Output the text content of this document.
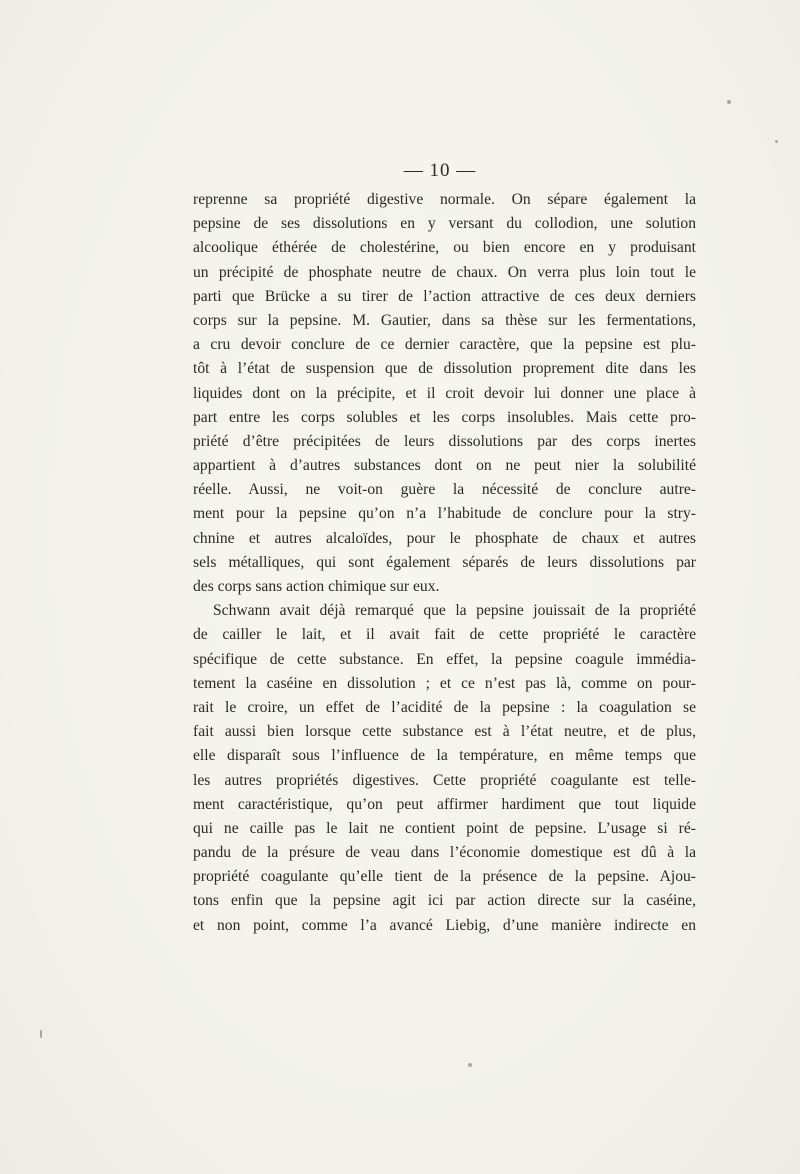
— 10 —
reprenne sa propriété digestive normale. On sépare également la
pepsine de ses dissolutions en y versant du collodion, une solution
alcoolique éthérée de cholestérine, ou bien encore en y produisant
un précipité de phosphate neutre de chaux. On verra plus loin tout le
parti que Brücke a su tirer de l’action attractive de ces deux derniers
corps sur la pepsine. M. Gautier, dans sa thèse sur les fermentations,
a cru devoir conclure de ce dernier caractère, que la pepsine est plu-
tôt à l’état de suspension que de dissolution proprement dite dans les
liquides dont on la précipite, et il croit devoir lui donner une place à
part entre les corps solubles et les corps insolubles. Mais cette pro-
priété d’être précipitées de leurs dissolutions par des corps inertes
appartient à d’autres substances dont on ne peut nier la solubilité
réelle. Aussi, ne voit-on guère la nécessité de conclure autre-
ment pour la pepsine qu’on n’a l’habitude de conclure pour la stry-
chnine et autres alcaloïdes, pour le phosphate de chaux et autres
sels métalliques, qui sont également séparés de leurs dissolutions par
des corps sans action chimique sur eux.
Schwann avait déjà remarqué que la pepsine jouissait de la propriété
de cailler le lait, et il avait fait de cette propriété le caractère
spécifique de cette substance. En effet, la pepsine coagule immédia-
tement la caséine en dissolution ; et ce n’est pas là, comme on pour-
rait le croire, un effet de l’acidité de la pepsine : la coagulation se
fait aussi bien lorsque cette substance est à l’état neutre, et de plus,
elle disparaît sous l’influence de la température, en même temps que
les autres propriétés digestives. Cette propriété coagulante est telle-
ment caractéristique, qu’on peut affirmer hardiment que tout liquide
qui ne caille pas le lait ne contient point de pepsine. L’usage si ré-
pandu de la présure de veau dans l’économie domestique est dû à la
propriété coagulante qu’elle tient de la présence de la pepsine. Ajou-
tons enfin que la pepsine agit ici par action directe sur la caséine,
et non point, comme l’a avancé Liebig, d’une manière indirecte en
